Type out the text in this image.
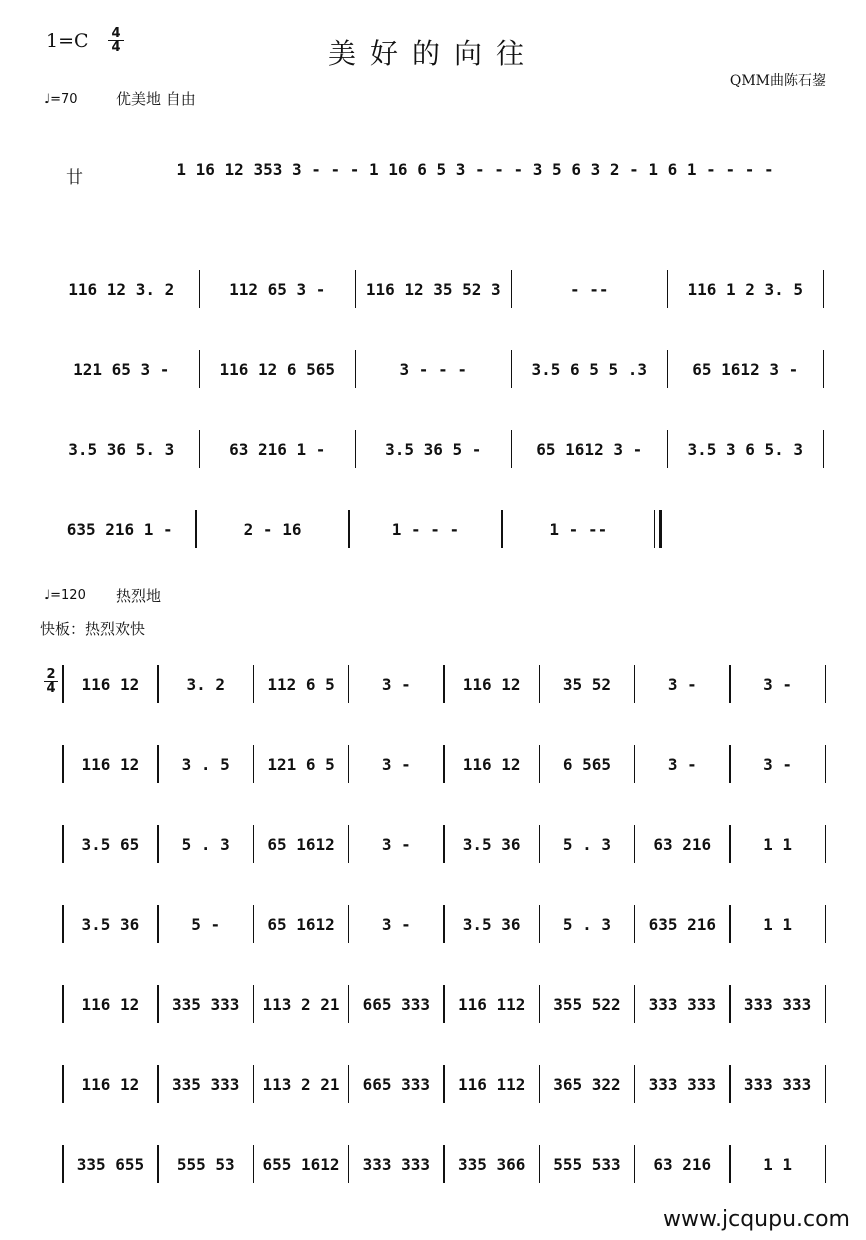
1=C 4
4	美好的向往
QMM曲陈石鋆
♩=70	优美地 自由
廿	1 16 12 353 3 - - - 1 16 6 5 3 - - - 3 5 6 3 2 - 1 6 1 - - - -
116 12 3. 2	112 65 3 -	116 12 35 52 3	- --	116 1 2 3. 5
121 65 3 -	116 12 6 565	3 - - -	3.5 6 5 5 .3	65 1612 3 -
3.5 36 5. 3	63 216 1 -	3.5 36 5 -	65 1612 3 -	3.5 3 6 5. 3
635 216 1 -	2 - 16	1 - - -	1 - --
♩=120 热烈地
快板：热烈欢快
2
4	116 12	3. 2	112 6 5	3 -	116 12	35 52	3 -	3 -
116 12	3 . 5	121 6 5	3 -	116 12	6 565	3 -	3 -
3.5 65	5 . 3	65 1612	3 -	3.5 36	5 . 3	63 216	1 1
3.5 36	5 -	65 1612	3 -	3.5 36	5 . 3	635 216	1 1
116 12	335 333	113 2 21	665 333	116 112	355 522	333 333	333 333
116 12	335 333	113 2 21	665 333	116 112	365 322	333 333	333 333
335 655	555 53	655 1612	333 333	335 366	555 533	63 216	1 1
www.jcqupu.com
